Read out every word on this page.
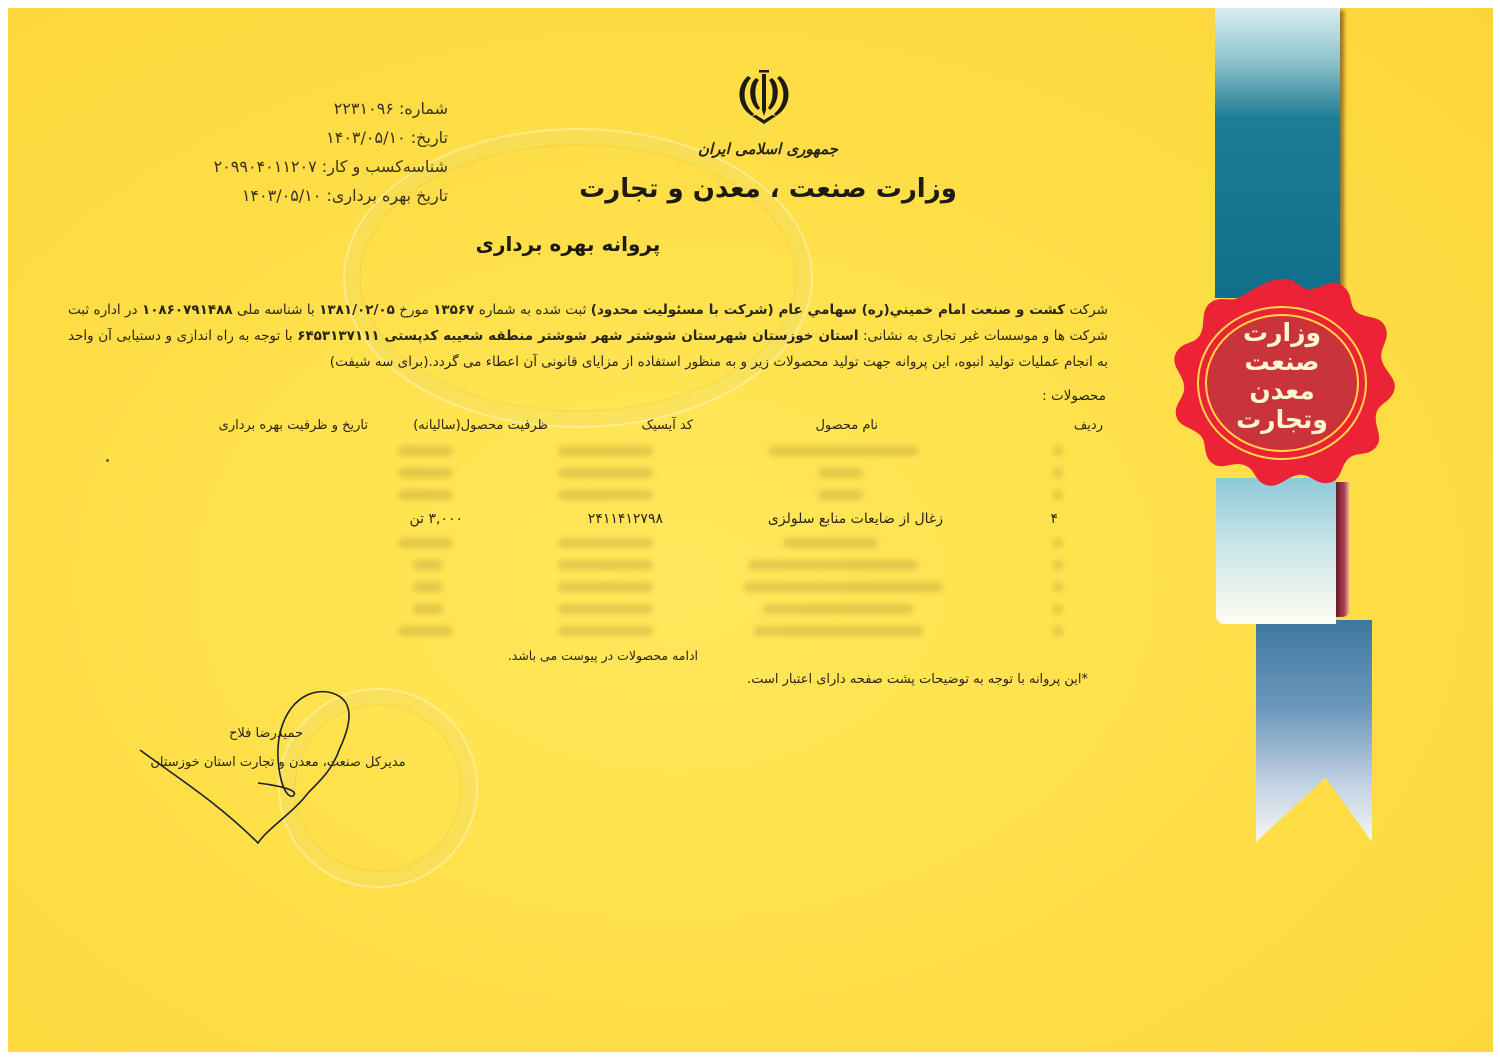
وزارت
صنعت
معدن
وتجارت
شماره: ۲۲۳۱۰۹۶
تاریخ: ۱۴۰۳/۰۵/۱۰
شناسه‌کسب و کار: ۲۰۹۹۰۴۰۱۱۲۰۷
تاریخ بهره برداری: ۱۴۰۳/۰۵/۱۰
جمهوری اسلامی ایران
وزارت صنعت ، معدن و تجارت
پروانه بهره برداری
شرکت کشت و صنعت امام خميني(ره) سهامي عام (شرکت با مسئولیت محدود) ثبت شده به شماره ۱۳۵۶۷ مورخ ۱۳۸۱/۰۲/۰۵ با شناسه ملی ۱۰۸۶۰۷۹۱۴۸۸ در اداره ثبت شرکت ها و موسسات غیر تجاری به نشانی: استان خوزستان شهرستان شوشتر شهر شوشتر منطقه شعیبه کدپستی ۶۴۵۳۱۳۷۱۱۱ با توجه به راه اندازی و دستیابی آن واحد به انجام عملیات تولید انبوه، این پروانه جهت تولید محصولات زیر و به منظور استفاده از مزایای قانونی آن اعطاء می گردد.(برای سه شیفت)
محصولات :
ردیف
نام محصول
کد آیسیک
ظرفیت محصول(سالیانه)
تاریخ و ظرفیت بهره برداری
۴
زغال از ضایعات منابع سلولزی
۲۴۱۱۴۱۲۷۹۸
۳,۰۰۰ تن
ادامه محصولات در پیوست می باشد.
*این پروانه با توجه به توضیحات پشت صفحه دارای اعتبار است.
حمیدرضا فلاح
مدیرکل صنعت، معدن و تجارت استان خوزستان
